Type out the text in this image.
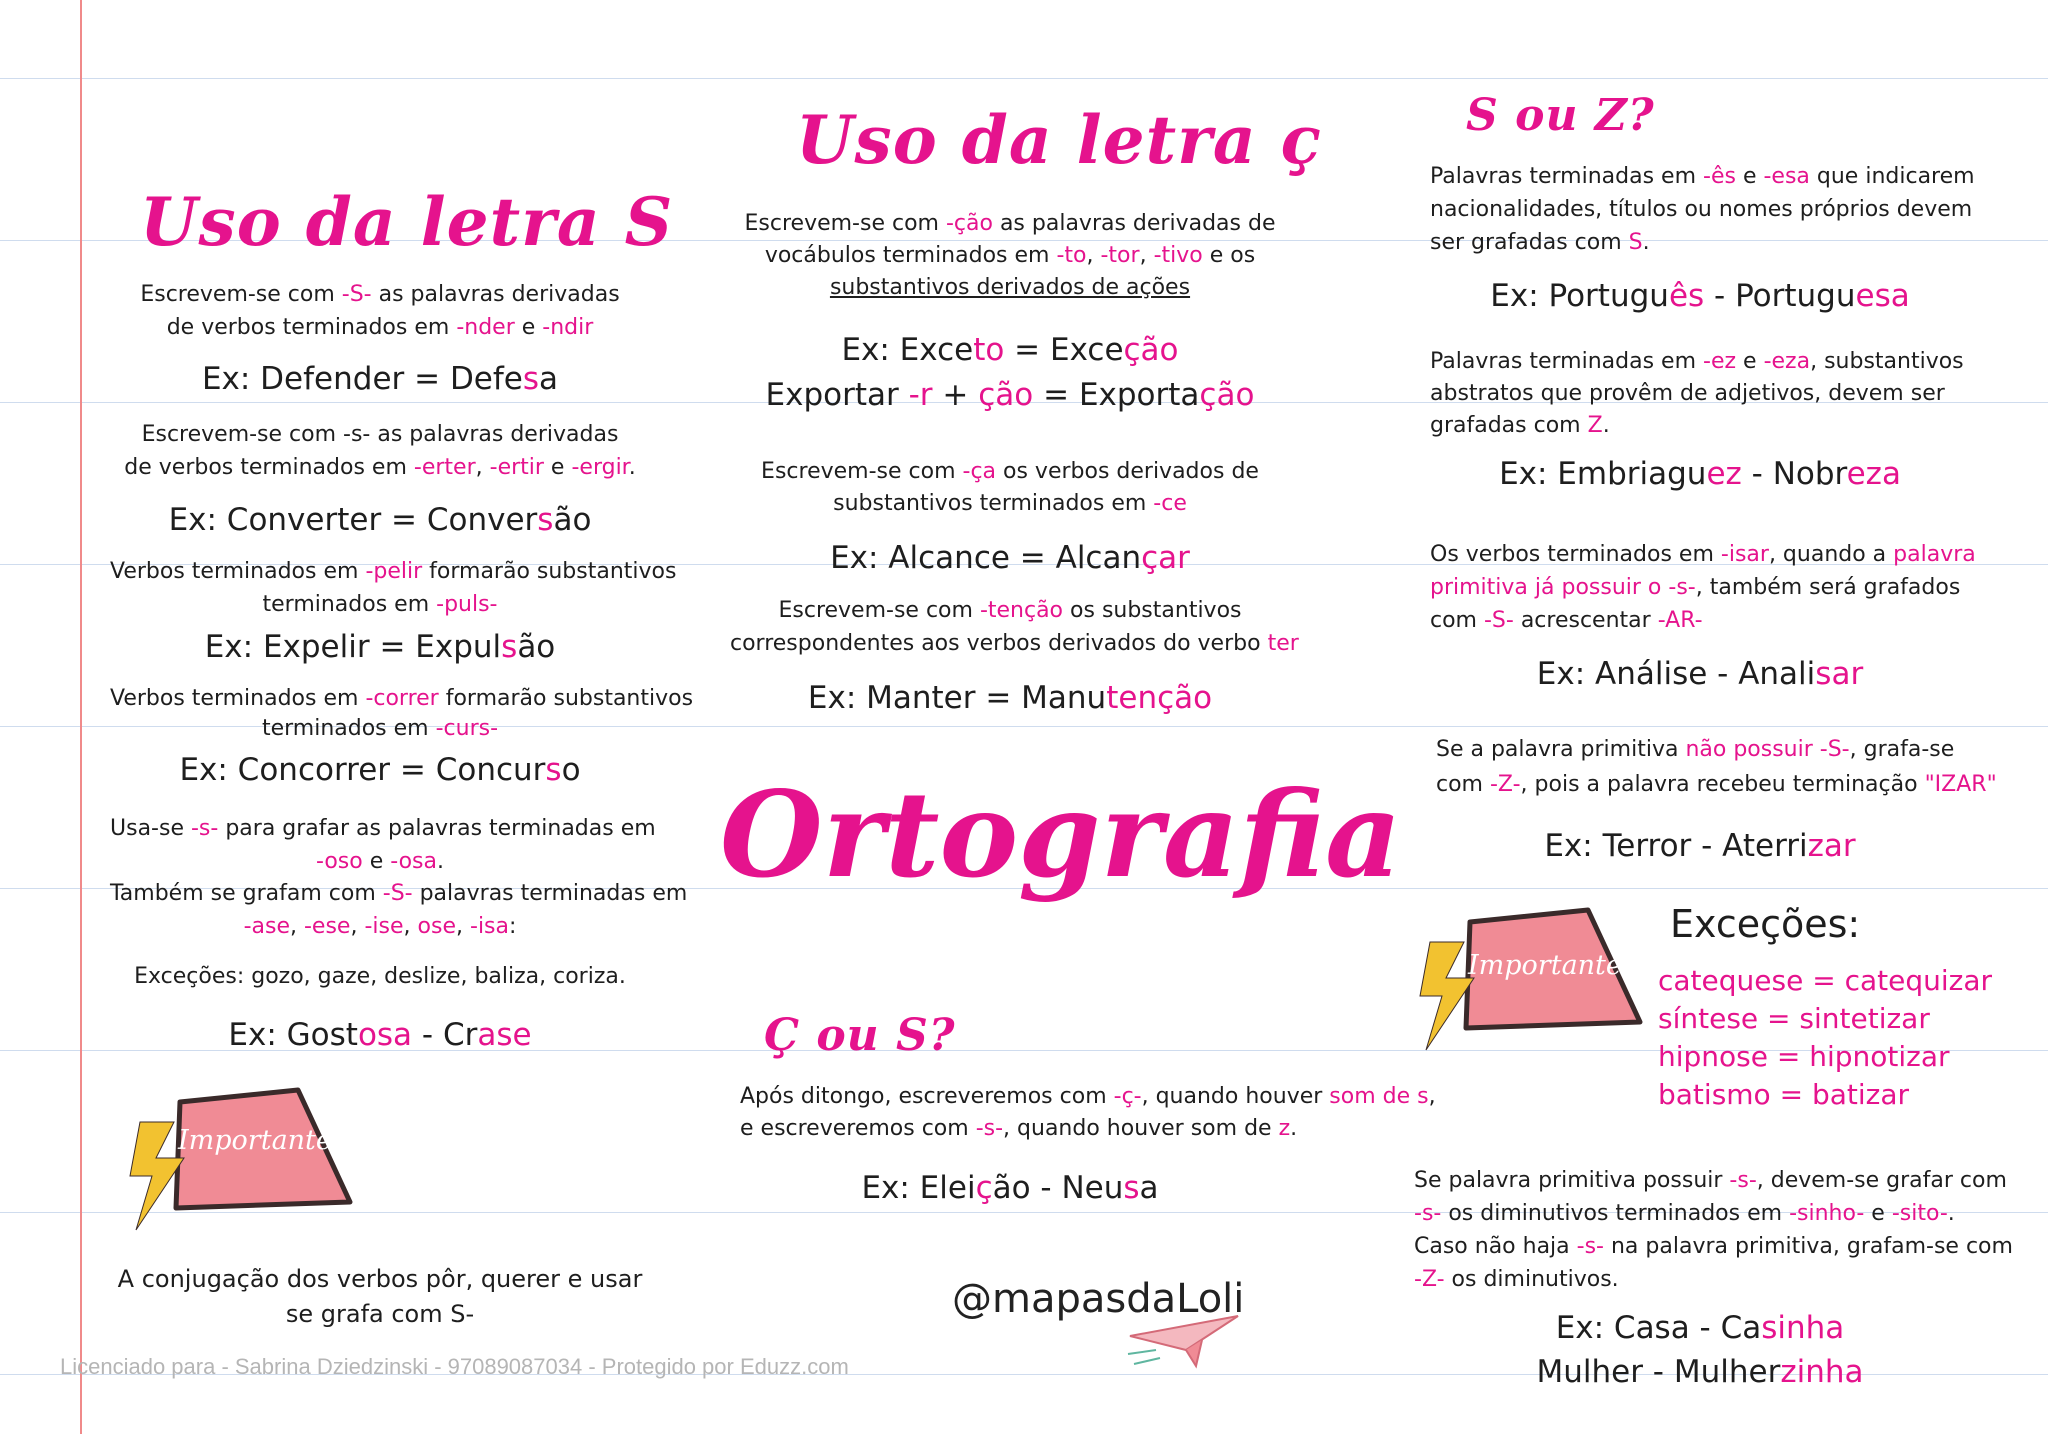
Uso da letra S
Escrevem-se com -S- as palavras derivadas
de verbos terminados em -nder e -ndir
Ex: Defender = Defesa
Escrevem-se com -s- as palavras derivadas
de verbos terminados em -erter, -ertir e -ergir.
Ex: Converter = Conversão
Verbos terminados em -pelir formarão substantivos
terminados em -puls-
Ex: Expelir = Expulsão
Verbos terminados em -correr formarão substantivos
terminados em -curs-
Ex: Concorrer = Concurso
Usa-se -s- para grafar as palavras terminadas em
-oso e -osa.
Também se grafam com -S- palavras terminadas em
-ase, -ese, -ise, ose, -isa:
Exceções: gozo, gaze, deslize, baliza, coriza.
Ex: Gostosa - Crase
Importante
A conjugação dos verbos pôr, querer e usar
se grafa com S-
Uso da letra ç
Escrevem-se com -ção as palavras derivadas de
vocábulos terminados em -to, -tor, -tivo e os
substantivos derivados de ações
Ex: Exceto = Exceção
Exportar -r + ção = Exportação
Escrevem-se com -ça os verbos derivados de
substantivos terminados em -ce
Ex: Alcance = Alcançar
Escrevem-se com -tenção os substantivos
correspondentes aos verbos derivados do verbo ter
Ex: Manter = Manutenção
Ortografia
Ç ou S?
Após ditongo, escreveremos com -ç-, quando houver som de s,
e escreveremos com -s-, quando houver som de z.
Ex: Eleição - Neusa
@mapasdaLoli
Licenciado para - Sabrina Dziedzinski - 97089087034 - Protegido por Eduzz.com
S ou Z?
Palavras terminadas em -ês e -esa que indicarem
nacionalidades, títulos ou nomes próprios devem
ser grafadas com S.
Ex: Português - Portuguesa
Palavras terminadas em -ez e -eza, substantivos
abstratos que provêm de adjetivos, devem ser
grafadas com Z.
Ex: Embriaguez - Nobreza
Os verbos terminados em -isar, quando a palavra
primitiva já possuir o -s-, também será grafados
com -S- acrescentar -AR-
Ex: Análise - Analisar
Se a palavra primitiva não possuir -S-, grafa-se
com -Z-, pois a palavra recebeu terminação "IZAR"
Ex: Terror - Aterrizar
Importante
Exceções:
catequese = catequizar
síntese = sintetizar
hipnose = hipnotizar
batismo = batizar
Se palavra primitiva possuir -s-, devem-se grafar com
-s- os diminutivos terminados em -sinho- e -sito-.
Caso não haja -s- na palavra primitiva, grafam-se com
-Z- os diminutivos.
Ex: Casa - Casinha
Mulher - Mulherzinha
